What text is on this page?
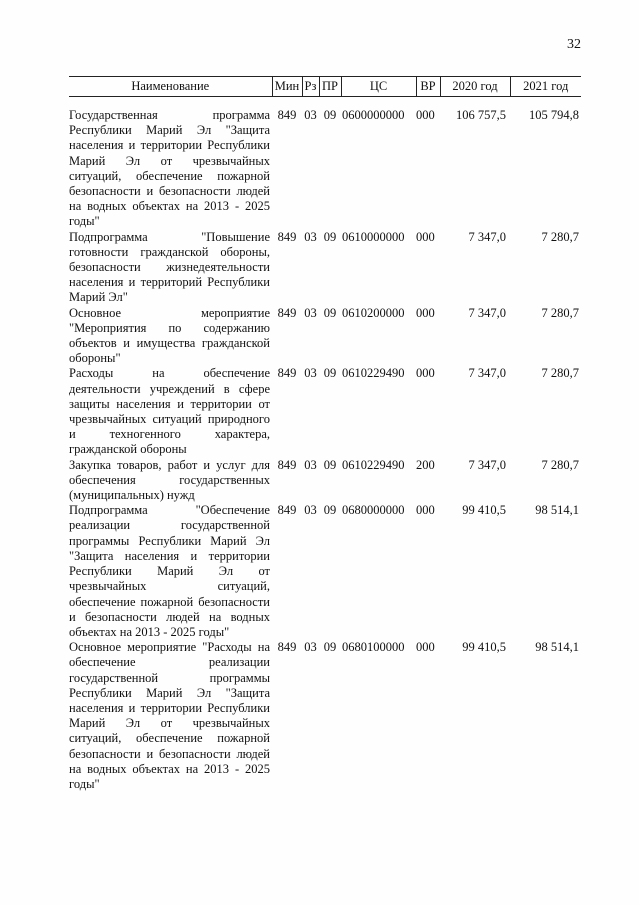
32
Наименование	Мин	Рз	ПР	ЦС	ВР	2020 год	2021 год
Государственная программа Республики Марий Эл "Защита населения и территории Республики Марий Эл от чрезвычайных ситуаций, обеспечение пожарной безопасности и безопасности людей на водных объектах на 2013 - 2025 годы"	849	03	09	0600000000	000	106 757,5	105 794,8
Подпрограмма "Повышение готовности гражданской обороны, безопасности жизнедеятельности населения и территорий Республики Марий Эл"	849	03	09	0610000000	000	7 347,0	7 280,7
Основное мероприятие "Мероприятия по содержанию объектов и имущества гражданской обороны"	849	03	09	0610200000	000	7 347,0	7 280,7
Расходы на обеспечение деятельности учреждений в сфере защиты населения и территории от чрезвычайных ситуаций природного и техногенного характера, гражданской обороны	849	03	09	0610229490	000	7 347,0	7 280,7
Закупка товаров, работ и услуг для обеспечения государственных (муниципальных) нужд	849	03	09	0610229490	200	7 347,0	7 280,7
Подпрограмма "Обеспечение реализации государственной программы Республики Марий Эл "Защита населения и территории Республики Марий Эл от чрезвычайных ситуаций, обеспечение пожарной безопасности и безопасности людей на водных объектах на 2013 - 2025 годы"	849	03	09	0680000000	000	99 410,5	98 514,1
Основное мероприятие "Расходы на обеспечение реализации государственной программы Республики Марий Эл "Защита населения и территории Республики Марий Эл от чрезвычайных ситуаций, обеспечение пожарной безопасности и безопасности людей на водных объектах на 2013 - 2025 годы"	849	03	09	0680100000	000	99 410,5	98 514,1
